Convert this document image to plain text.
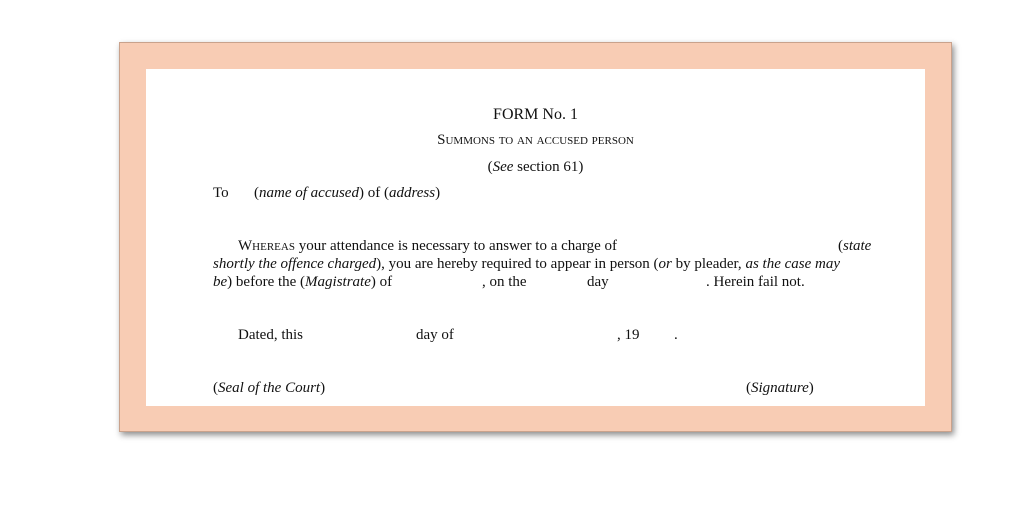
FORM No. 1
Summons to an accused person
(See section 61)
To (name of accused) of (address)
Whereas your attendance is necessary to answer to a charge of	(state
shortly the offence charged), you are hereby required to appear in person (or by pleader, as the case may
be) before the (Magistrate) of	, on the	day	. Herein fail not.
Dated, this	day of	, 19 .
(Seal of the Court)	(Signature)
